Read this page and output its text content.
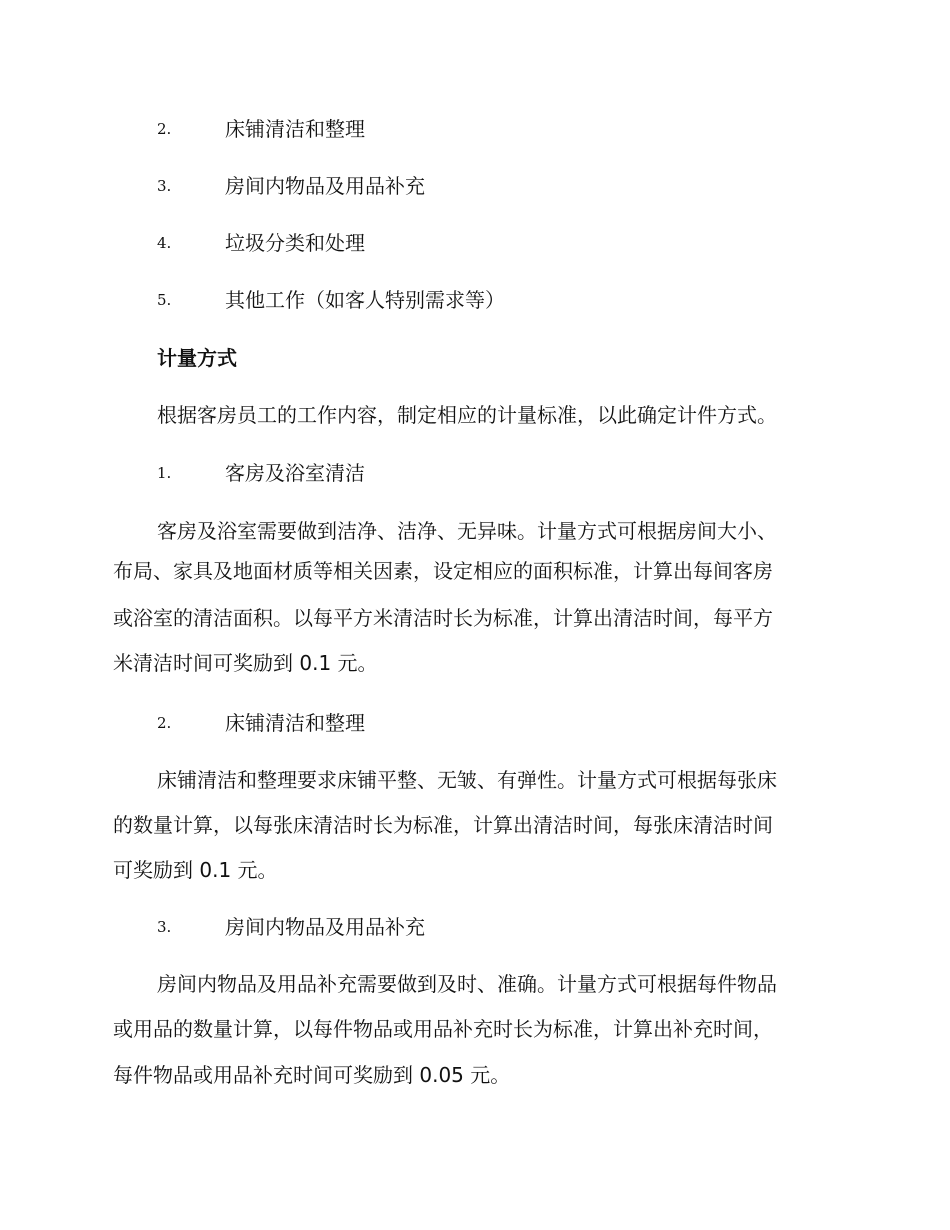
2.	床铺清洁和整理
3.	房间内物品及用品补充
4.	垃圾分类和处理
5.	其他工作（如客人特别需求等）
计量方式
根据客房员工的工作内容，制定相应的计量标准，以此确定计件方式。
1.	客房及浴室清洁
客房及浴室需要做到洁净、洁净、无异味。计量方式可根据房间大小、
布局、家具及地面材质等相关因素，设定相应的面积标准，计算出每间客房
或浴室的清洁面积。以每平方米清洁时长为标准，计算出清洁时间，每平方
米清洁时间可奖励到 0.1 元。
2.	床铺清洁和整理
床铺清洁和整理要求床铺平整、无皱、有弹性。计量方式可根据每张床
的数量计算，以每张床清洁时长为标准，计算出清洁时间，每张床清洁时间
可奖励到 0.1 元。
3.	房间内物品及用品补充
房间内物品及用品补充需要做到及时、准确。计量方式可根据每件物品
或用品的数量计算，以每件物品或用品补充时长为标准，计算出补充时间，
每件物品或用品补充时间可奖励到 0.05 元。
